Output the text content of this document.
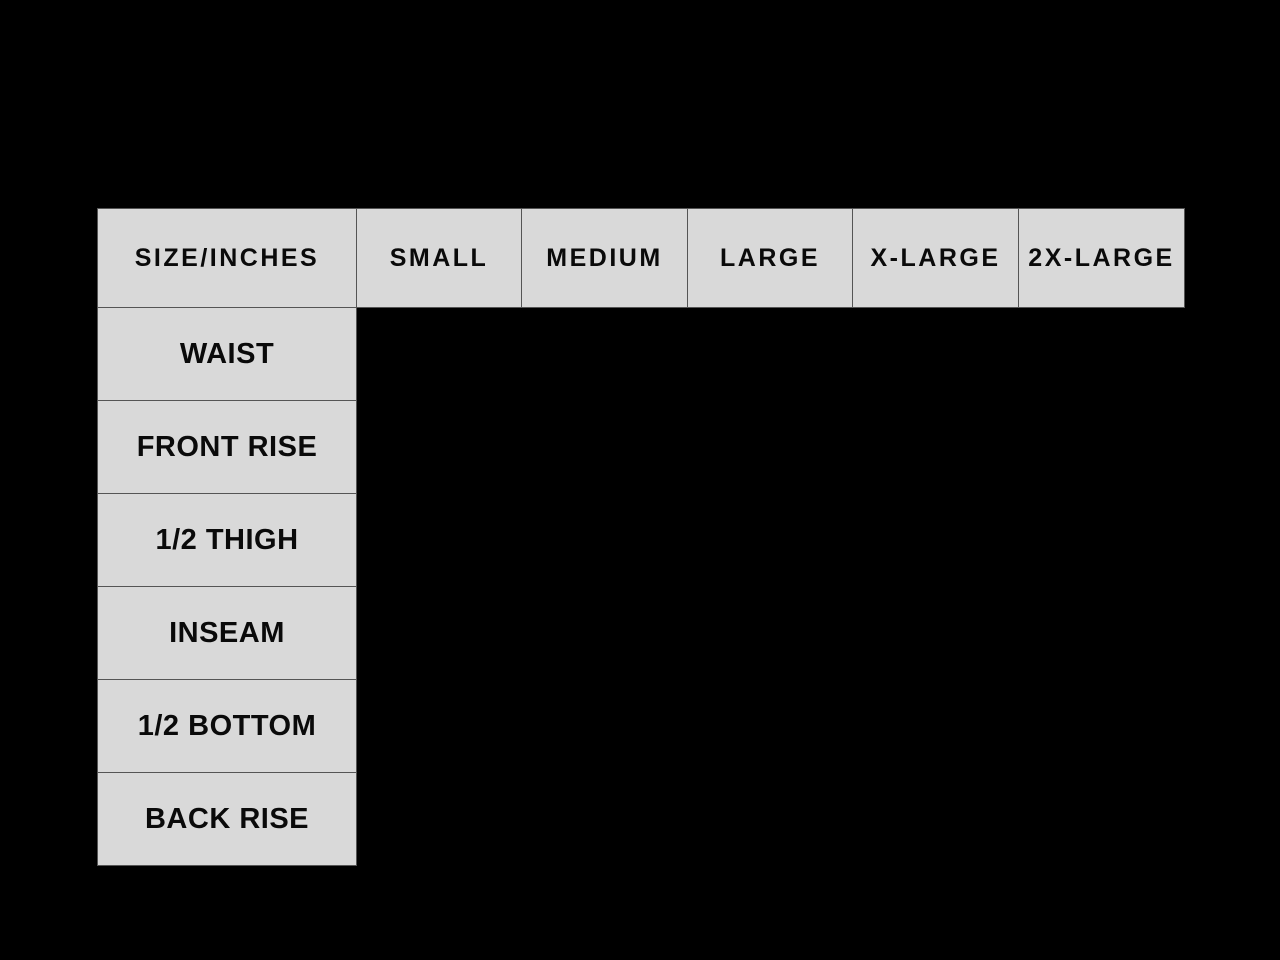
SIZE/INCHES	SMALL	MEDIUM	LARGE	X-LARGE	2X-LARGE
WAIST					
FRONT RISE					
1/2 THIGH					
INSEAM					
1/2 BOTTOM					
BACK RISE					
